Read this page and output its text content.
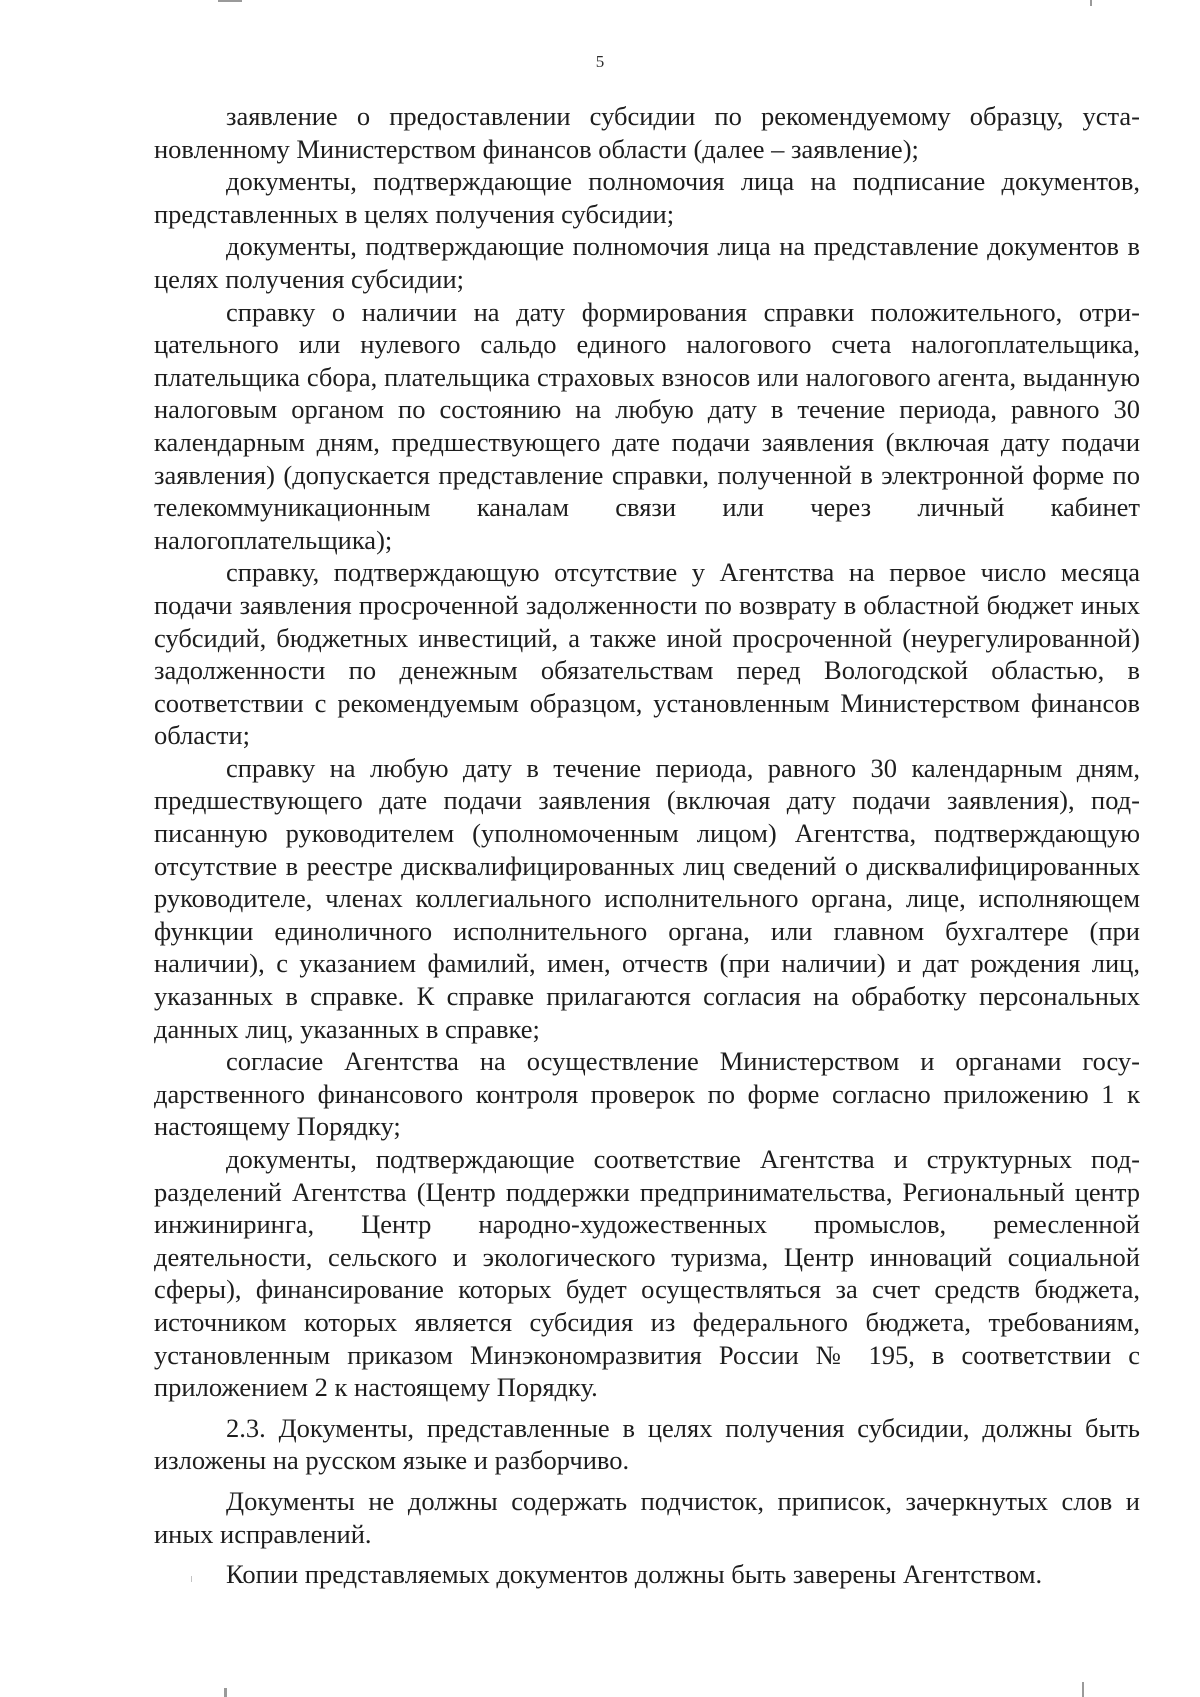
5

заявление о предоставлении субсидии по рекомендуемому образцу, установленному Министерством финансов области (далее – заявление);

документы, подтверждающие полномочия лица на подписание документов, представленных в целях получения субсидии;

документы, подтверждающие полномочия лица на представление документов в целях получения субсидии;

справку о наличии на дату формирования справки положительного, отрицательного или нулевого сальдо единого налогового счета налогоплательщика, плательщика сбора, плательщика страховых взносов или налогового агента, выданную налоговым органом по состоянию на любую дату в течение периода, равного 30 календарным дням, предшествующего дате подачи заявления (включая дату подачи заявления) (допускается представление справки, полученной в электронной форме по телекоммуникационным каналам связи или через личный кабинет налогоплательщика);

справку, подтверждающую отсутствие у Агентства на первое число месяца подачи заявления просроченной задолженности по возврату в областной бюджет иных субсидий, бюджетных инвестиций, а также иной просроченной (неурегулированной) задолженности по денежным обязательствам перед Вологодской областью, в соответствии с рекомендуемым образцом, установленным Министерством финансов области;

справку на любую дату в течение периода, равного 30 календарным дням, предшествующего дате подачи заявления (включая дату подачи заявления), подписанную руководителем (уполномоченным лицом) Агентства, подтверждающую отсутствие в реестре дисквалифицированных лиц сведений о дисквалифицированных руководителе, членах коллегиального исполнительного органа, лице, исполняющем функции единоличного исполнительного органа, или главном бухгалтере (при наличии), с указанием фамилий, имен, отчеств (при наличии) и дат рождения лиц, указанных в справке. К справке прилагаются согласия на обработку персональных данных лиц, указанных в справке;

согласие Агентства на осуществление Министерством и органами государственного финансового контроля проверок по форме согласно приложению 1 к настоящему Порядку;

документы, подтверждающие соответствие Агентства и структурных подразделений Агентства (Центр поддержки предпринимательства, Региональный центр инжиниринга, Центр народно-художественных промыслов, ремесленной деятельности, сельского и экологического туризма, Центр инноваций социальной сферы), финансирование которых будет осуществляться за счет средств бюджета, источником которых является субсидия из федерального бюджета, требованиям, установленным приказом Минэкономразвития России № 195, в соответствии с приложением 2 к настоящему Порядку.

2.3. Документы, представленные в целях получения субсидии, должны быть изложены на русском языке и разборчиво.

Документы не должны содержать подчисток, приписок, зачеркнутых слов и иных исправлений.

Копии представляемых документов должны быть заверены Агентством.
